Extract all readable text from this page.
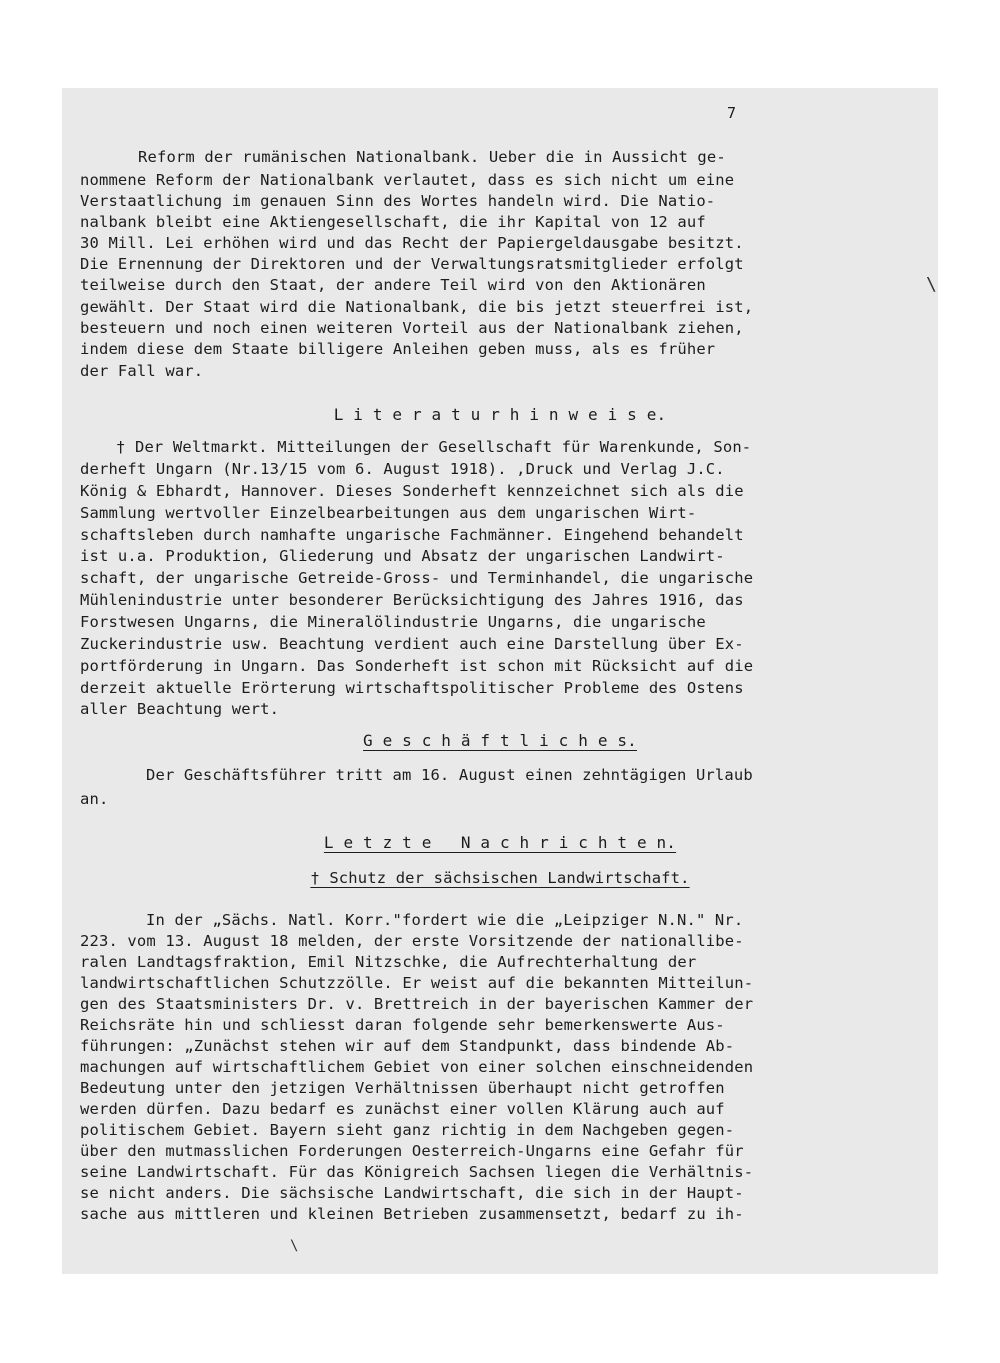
7
Reform der rumänischen Nationalbank. Ueber die in Aussicht ge-
nommene Reform der Nationalbank verlautet, dass es sich nicht um eine
Verstaatlichung im genauen Sinn des Wortes handeln wird. Die Natio-
nalbank bleibt eine Aktiengesellschaft, die ihr Kapital von 12 auf
30 Mill. Lei erhöhen wird und das Recht der Papiergeldausgabe besitzt.
Die Ernennung der Direktoren und der Verwaltungsratsmitglieder erfolgt
teilweise durch den Staat, der andere Teil wird von den Aktionären
gewählt. Der Staat wird die Nationalbank, die bis jetzt steuerfrei ist,
besteuern und noch einen weiteren Vorteil aus der Nationalbank ziehen,
indem diese dem Staate billigere Anleihen geben muss, als es früher
der Fall war.
\
L i t e r a t u r h i n w e i s e.
† Der Weltmarkt. Mitteilungen der Gesellschaft für Warenkunde, Son-
derheft Ungarn (Nr.13/15 vom 6. August 1918). ,Druck und Verlag J.C.
König & Ebhardt, Hannover. Dieses Sonderheft kennzeichnet sich als die
Sammlung wertvoller Einzelbearbeitungen aus dem ungarischen Wirt-
schaftsleben durch namhafte ungarische Fachmänner. Eingehend behandelt
ist u.a. Produktion, Gliederung und Absatz der ungarischen Landwirt-
schaft, der ungarische Getreide-Gross- und Terminhandel, die ungarische
Mühlenindustrie unter besonderer Berücksichtigung des Jahres 1916, das
Forstwesen Ungarns, die Mineralölindustrie Ungarns, die ungarische
Zuckerindustrie usw. Beachtung verdient auch eine Darstellung über Ex-
portförderung in Ungarn. Das Sonderheft ist schon mit Rücksicht auf die
derzeit aktuelle Erörterung wirtschaftspolitischer Probleme des Ostens
aller Beachtung wert.
G e s c h ä f t l i c h e s.
Der Geschäftsführer tritt am 16. August einen zehntägigen Urlaub
an.
L e t z t e   N a c h r i c h t e n.
† Schutz der sächsischen Landwirtschaft.
In der „Sächs. Natl. Korr."fordert wie die „Leipziger N.N." Nr.
223. vom 13. August 18 melden, der erste Vorsitzende der nationallibe-
ralen Landtagsfraktion, Emil Nitzschke, die Aufrechterhaltung der
landwirtschaftlichen Schutzzölle. Er weist auf die bekannten Mitteilun-
gen des Staatsministers Dr. v. Brettreich in der bayerischen Kammer der
Reichsräte hin und schliesst daran folgende sehr bemerkenswerte Aus-
führungen: „Zunächst stehen wir auf dem Standpunkt, dass bindende Ab-
machungen auf wirtschaftlichem Gebiet von einer solchen einschneidenden
Bedeutung unter den jetzigen Verhältnissen überhaupt nicht getroffen
werden dürfen. Dazu bedarf es zunächst einer vollen Klärung auch auf
politischem Gebiet. Bayern sieht ganz richtig in dem Nachgeben gegen-
über den mutmasslichen Forderungen Oesterreich-Ungarns eine Gefahr für
seine Landwirtschaft. Für das Königreich Sachsen liegen die Verhältnis-
se nicht anders. Die sächsische Landwirtschaft, die sich in der Haupt-
sache aus mittleren und kleinen Betrieben zusammensetzt, bedarf zu ih-
\
